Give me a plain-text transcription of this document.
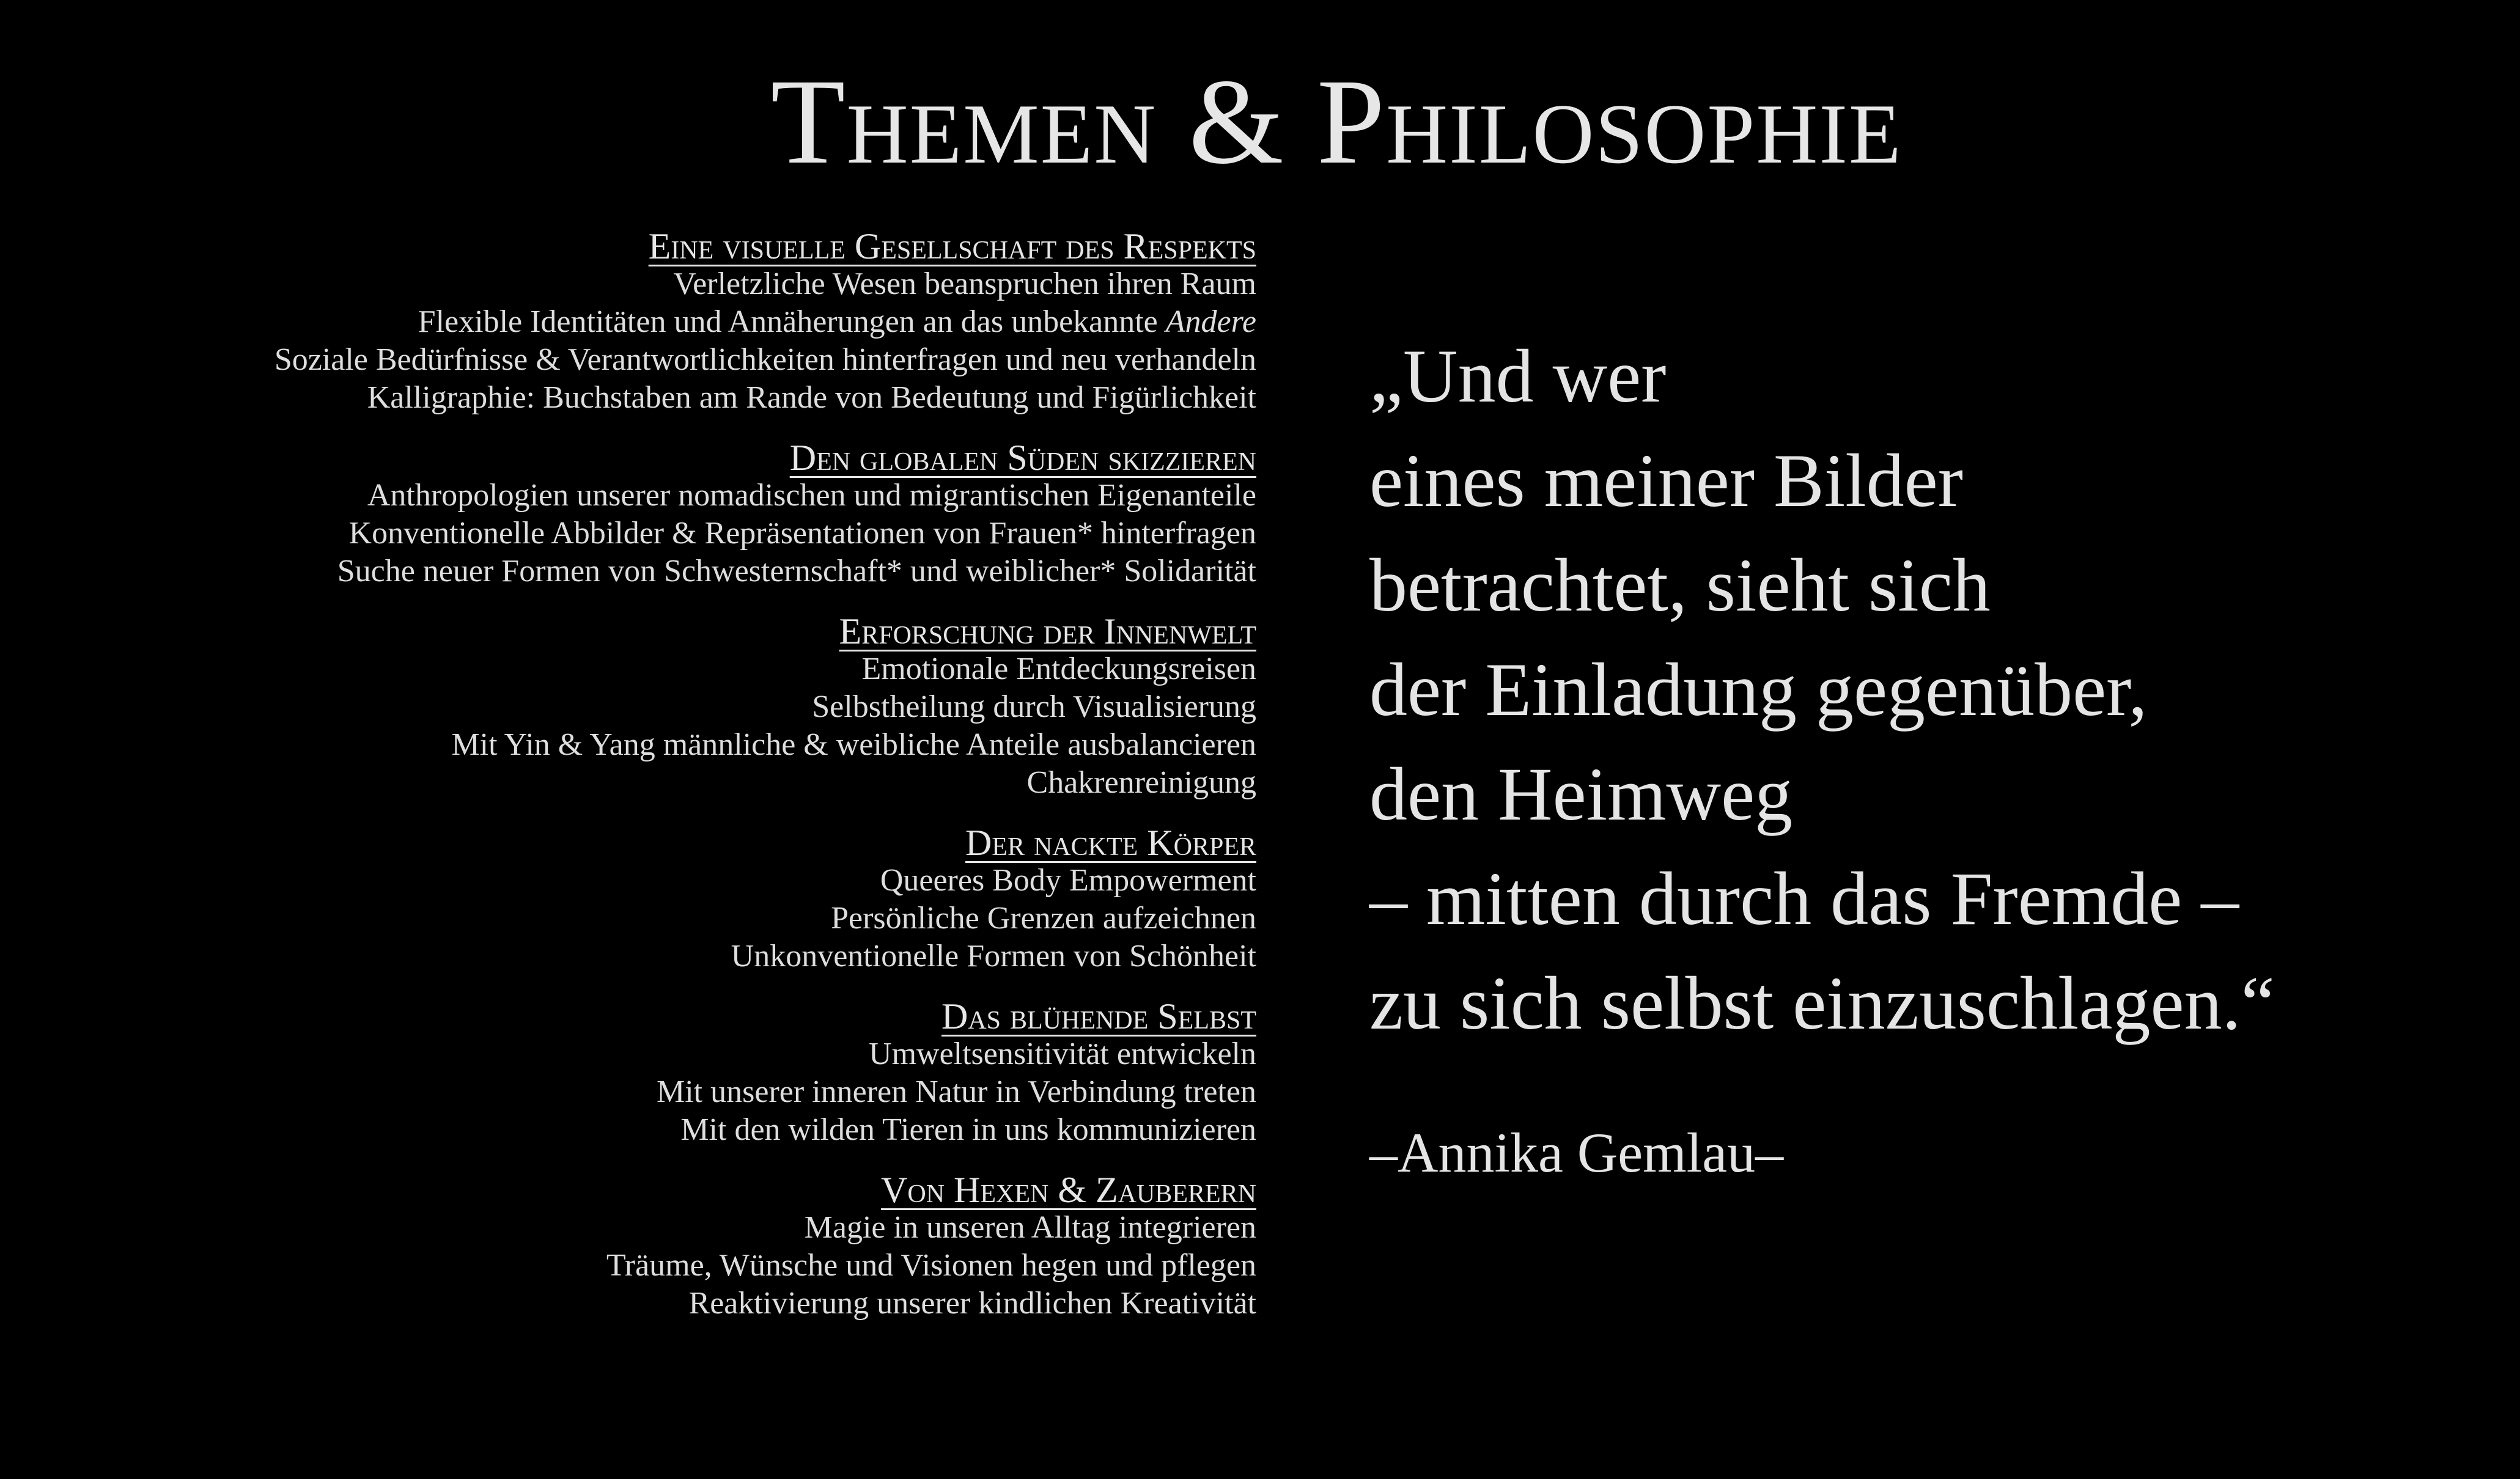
Themen & Philosophie

Eine visuelle Gesellschaft des Respekts

Verletzliche Wesen beanspruchen ihren Raum

Flexible Identitäten und Annäherungen an das unbekannte Andere

Soziale Bedürfnisse & Verantwortlichkeiten hinterfragen und neu verhandeln

Kalligraphie: Buchstaben am Rande von Bedeutung und Figürlichkeit

Den globalen Süden skizzieren

Anthropologien unserer nomadischen und migrantischen Eigenanteile

Konventionelle Abbilder & Repräsentationen von Frauen* hinterfragen

Suche neuer Formen von Schwesternschaft* und weiblicher* Solidarität

Erforschung der Innenwelt

Emotionale Entdeckungsreisen

Selbstheilung durch Visualisierung

Mit Yin & Yang männliche & weibliche Anteile ausbalancieren

Chakrenreinigung

Der nackte Körper

Queeres Body Empowerment

Persönliche Grenzen aufzeichnen

Unkonventionelle Formen von Schönheit

Das blühende Selbst

Umweltsensitivität entwickeln

Mit unserer inneren Natur in Verbindung treten

Mit den wilden Tieren in uns kommunizieren

Von Hexen & Zauberern

Magie in unseren Alltag integrieren

Träume, Wünsche und Visionen hegen und pflegen

Reaktivierung unserer kindlichen Kreativität

„Und wer

eines meiner Bilder

betrachtet, sieht sich

der Einladung gegenüber,

den Heimweg

– mitten durch das Fremde –

zu sich selbst einzuschlagen.“

–Annika Gemlau–
